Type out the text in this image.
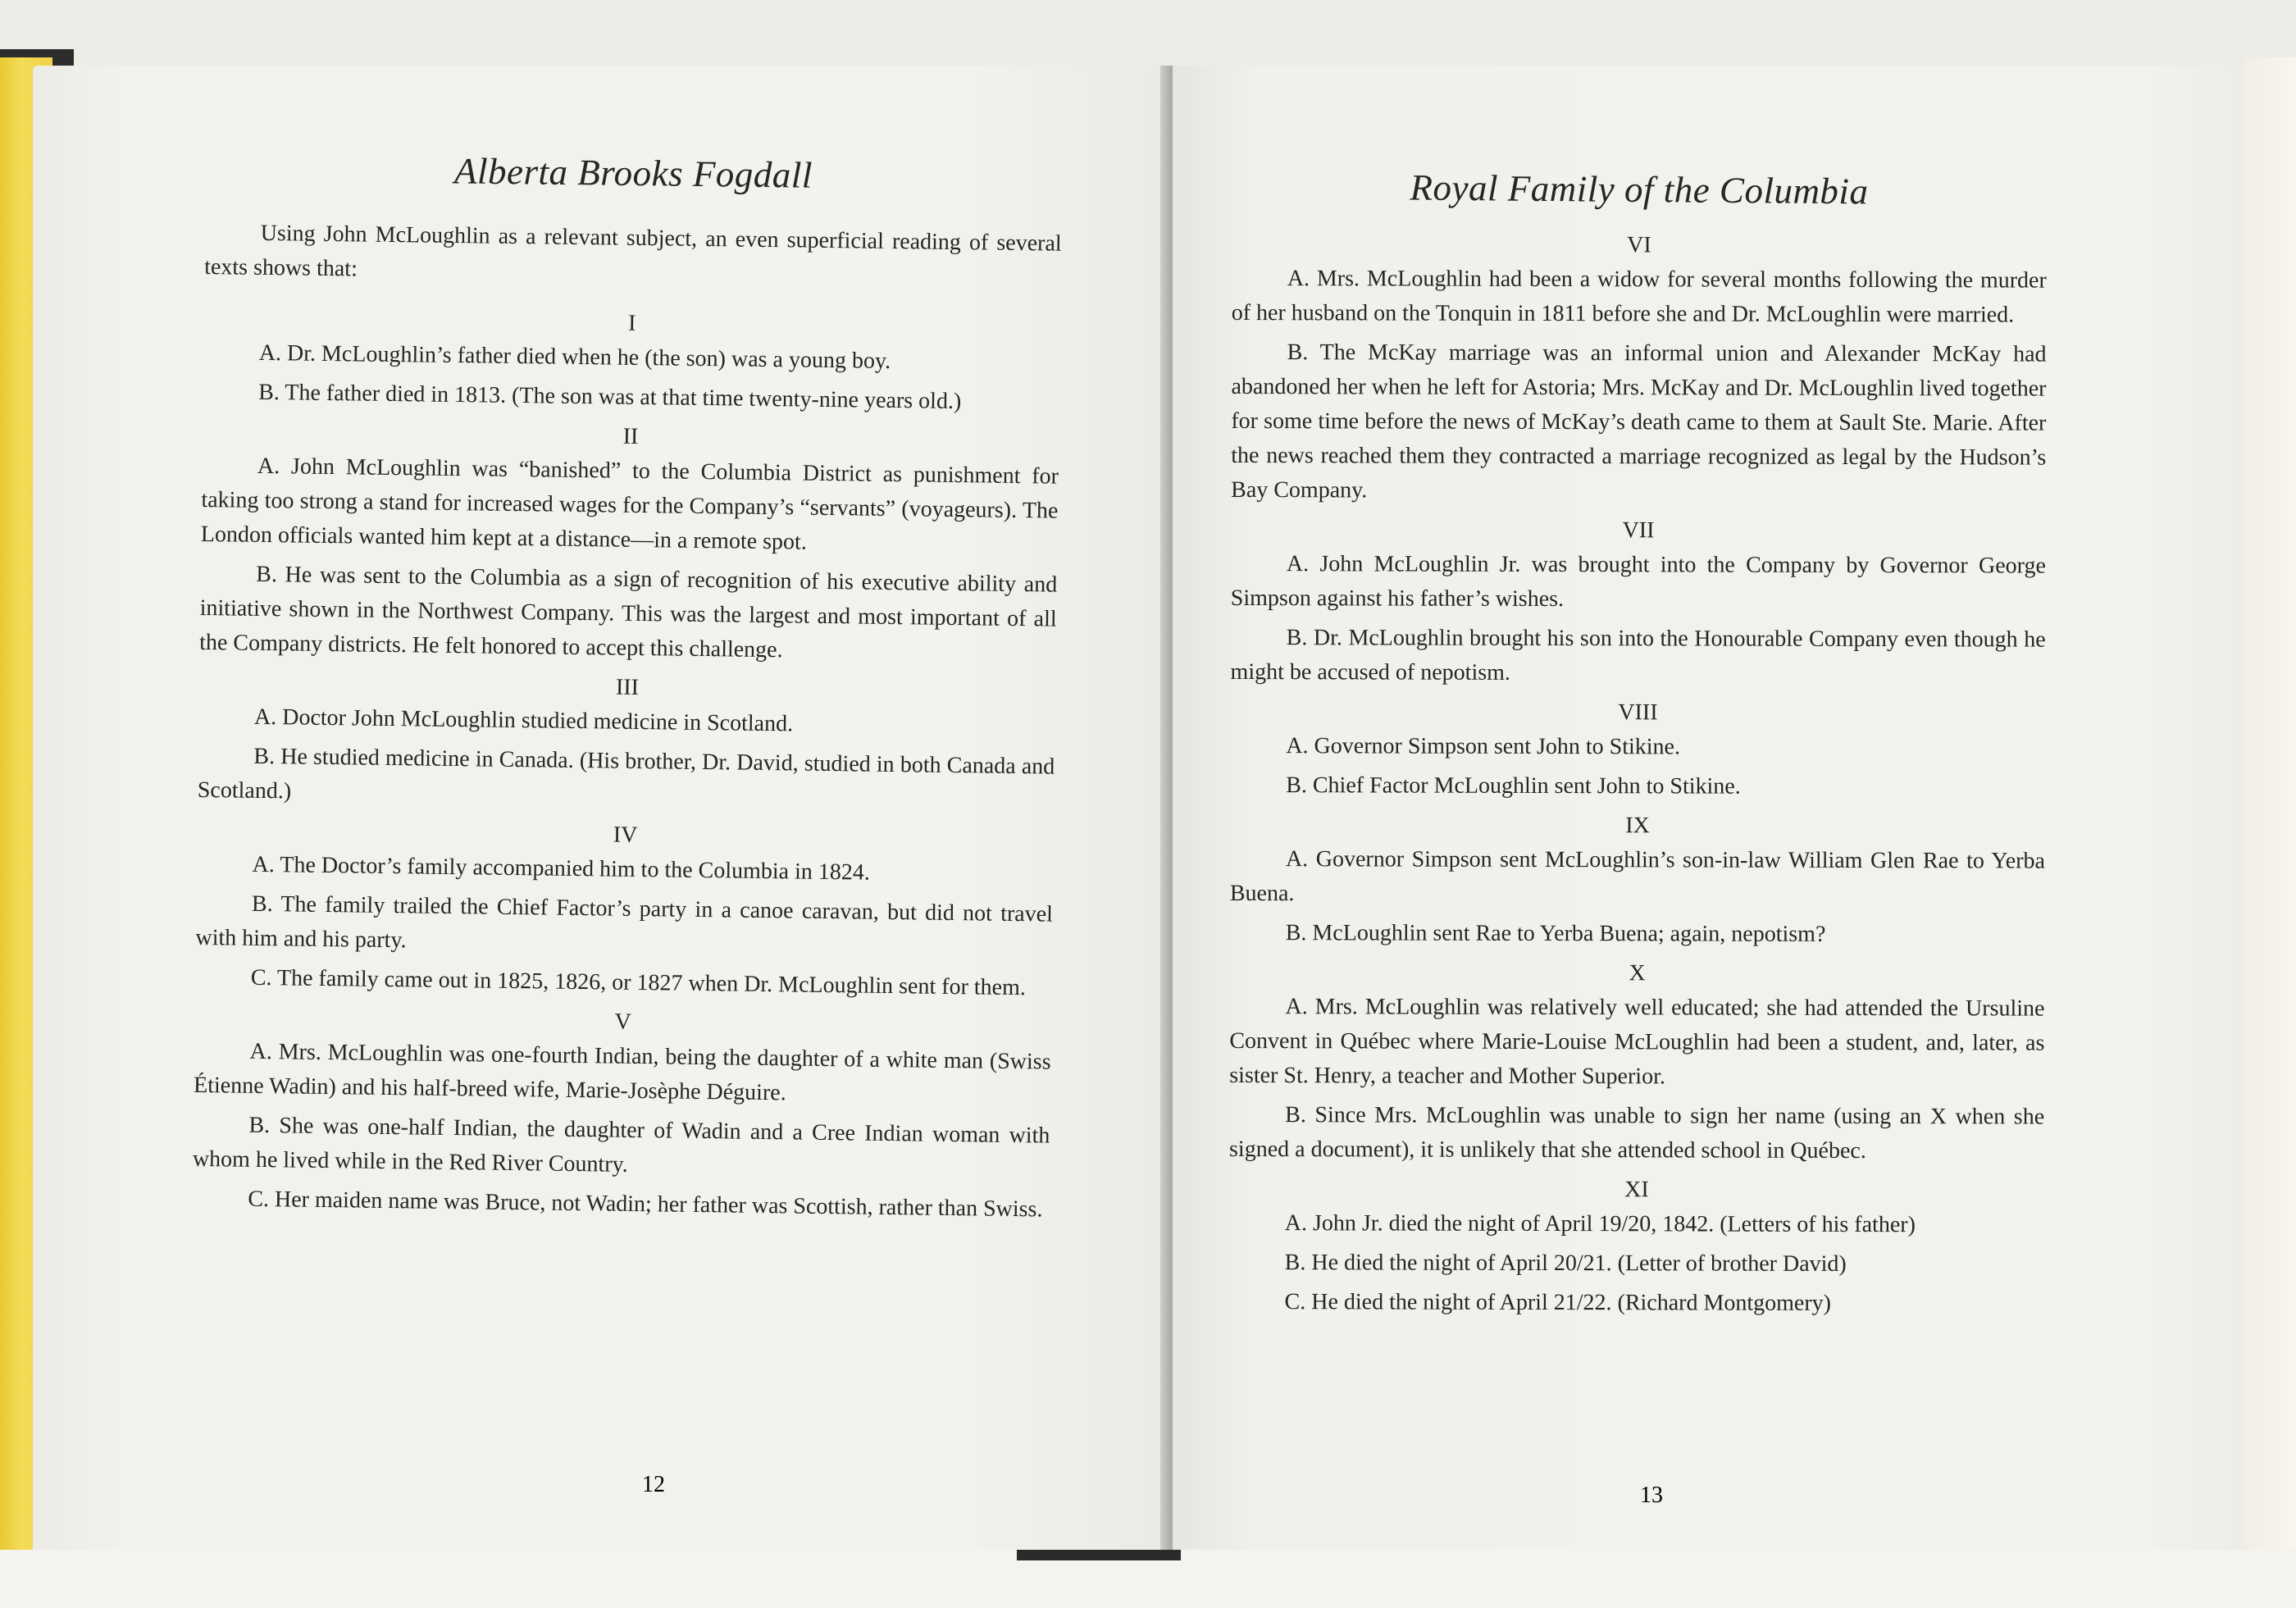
Alberta Brooks Fogdall

Using John McLoughlin as a relevant subject, an even superficial reading of several texts shows that:

I

A. Dr. McLoughlin’s father died when he (the son) was a young boy.

B. The father died in 1813. (The son was at that time twenty-nine years old.)

II

A. John McLoughlin was “banished” to the Columbia District as punishment for taking too strong a stand for increased wages for the Company’s “servants” (voyageurs). The London officials wanted him kept at a distance—in a remote spot.

B. He was sent to the Columbia as a sign of recognition of his executive ability and initiative shown in the Northwest Company. This was the largest and most important of all the Company districts. He felt honored to accept this challenge.

III

A. Doctor John McLoughlin studied medicine in Scotland.

B. He studied medicine in Canada. (His brother, Dr. David, studied in both Canada and Scotland.)

IV

A. The Doctor’s family accompanied him to the Columbia in 1824.

B. The family trailed the Chief Factor’s party in a canoe caravan, but did not travel with him and his party.

C. The family came out in 1825, 1826, or 1827 when Dr. McLoughlin sent for them.

V

A. Mrs. McLoughlin was one-fourth Indian, being the daughter of a white man (Swiss Étienne Wadin) and his half-breed wife, Marie-Josèphe Déguire.

B. She was one-half Indian, the daughter of Wadin and a Cree Indian woman with whom he lived while in the Red River Country.

C. Her maiden name was Bruce, not Wadin; her father was Scottish, rather than Swiss.

12
Royal Family of the Columbia

VI

A. Mrs. McLoughlin had been a widow for several months following the murder of her husband on the Tonquin in 1811 before she and Dr. McLoughlin were married.

B. The McKay marriage was an informal union and Alexander McKay had abandoned her when he left for Astoria; Mrs. McKay and Dr. McLoughlin lived together for some time before the news of McKay’s death came to them at Sault Ste. Marie. After the news reached them they contracted a marriage recognized as legal by the Hudson’s Bay Company.

VII

A. John McLoughlin Jr. was brought into the Company by Governor George Simpson against his father’s wishes.

B. Dr. McLoughlin brought his son into the Honourable Company even though he might be accused of nepotism.

VIII

A. Governor Simpson sent John to Stikine.

B. Chief Factor McLoughlin sent John to Stikine.

IX

A. Governor Simpson sent McLoughlin’s son-in-law William Glen Rae to Yerba Buena.

B. McLoughlin sent Rae to Yerba Buena; again, nepotism?

X

A. Mrs. McLoughlin was relatively well educated; she had attended the Ursuline Convent in Québec where Marie-Louise McLoughlin had been a student, and, later, as sister St. Henry, a teacher and Mother Superior.

B. Since Mrs. McLoughlin was unable to sign her name (using an X when she signed a document), it is unlikely that she attended school in Québec.

XI

A. John Jr. died the night of April 19/20, 1842. (Letters of his father)

B. He died the night of April 20/21. (Letter of brother David)

C. He died the night of April 21/22. (Richard Montgomery)

13
